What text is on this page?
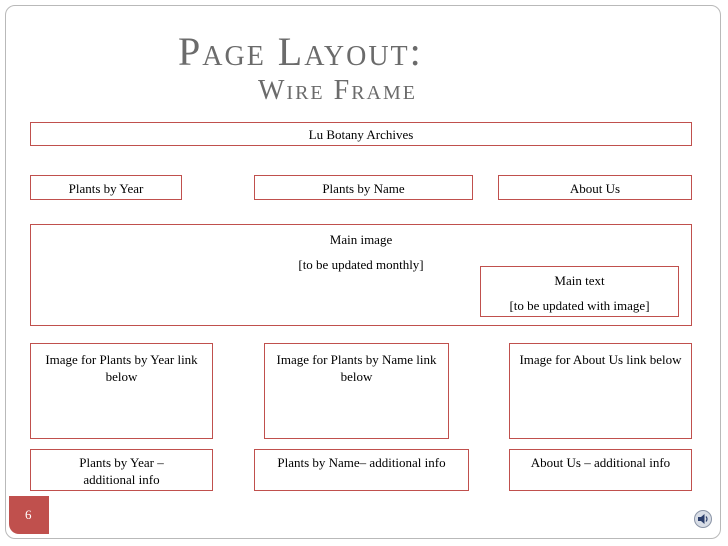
Page Layout:
Wire Frame
Lu Botany Archives
Plants by Year	Plants by Name	About Us
Main image
[to be updated monthly]
Main text
[to be updated with image]
Image for Plants by Year link below
Image for Plants by Name link below
Image for About Us link below
Plants by Year – additional info
Plants by Name– additional info	About Us – additional info
6
